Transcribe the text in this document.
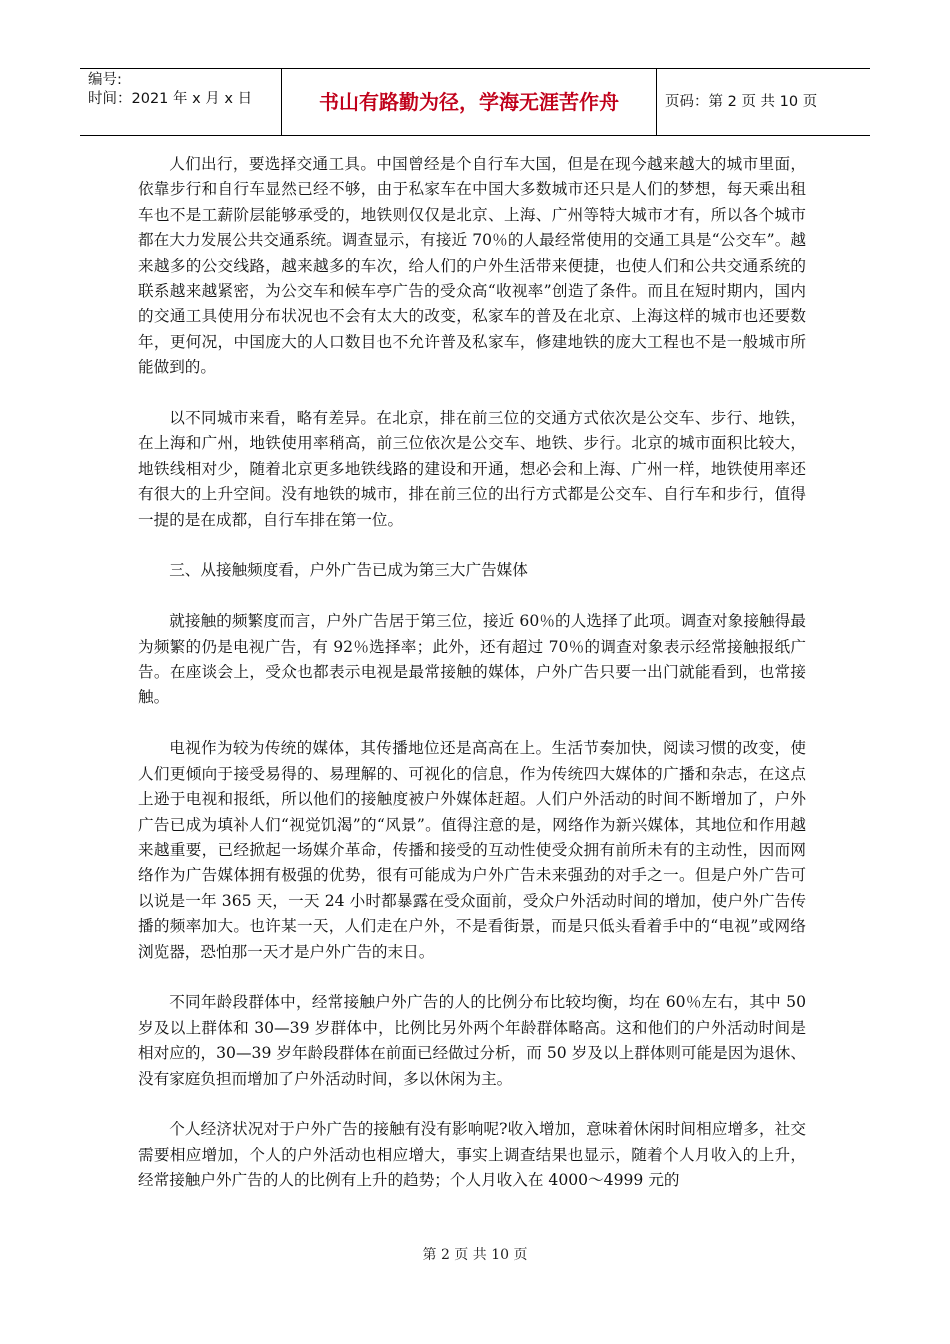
编号:
时间：2021 年 x 月 x 日	书山有路勤为径，学海无涯苦作舟	页码：第 2 页 共 10 页

人们出行，要选择交通工具。中国曾经是个自行车大国，但是在现今越来越大的城市里面，依靠步行和自行车显然已经不够，由于私家车在中国大多数城市还只是人们的梦想，每天乘出租车也不是工薪阶层能够承受的，地铁则仅仅是北京、上海、广州等特大城市才有，所以各个城市都在大力发展公共交通系统。调查显示，有接近 70％的人最经常使用的交通工具是“公交车”。越来越多的公交线路，越来越多的车次，给人们的户外生活带来便捷，也使人们和公共交通系统的联系越来越紧密，为公交车和候车亭广告的受众高“收视率”创造了条件。而且在短时期内，国内的交通工具使用分布状况也不会有太大的改变，私家车的普及在北京、上海这样的城市也还要数年，更何况，中国庞大的人口数目也不允许普及私家车，修建地铁的庞大工程也不是一般城市所能做到的。

以不同城市来看，略有差异。在北京，排在前三位的交通方式依次是公交车、步行、地铁，在上海和广州，地铁使用率稍高，前三位依次是公交车、地铁、步行。北京的城市面积比较大，地铁线相对少，随着北京更多地铁线路的建设和开通，想必会和上海、广州一样，地铁使用率还有很大的上升空间。没有地铁的城市，排在前三位的出行方式都是公交车、自行车和步行，值得一提的是在成都，自行车排在第一位。

三、从接触频度看，户外广告已成为第三大广告媒体

就接触的频繁度而言，户外广告居于第三位，接近 60％的人选择了此项。调查对象接触得最为频繁的仍是电视广告，有 92％选择率；此外，还有超过 70％的调查对象表示经常接触报纸广告。在座谈会上，受众也都表示电视是最常接触的媒体，户外广告只要一出门就能看到，也常接触。

电视作为较为传统的媒体，其传播地位还是高高在上。生活节奏加快，阅读习惯的改变，使人们更倾向于接受易得的、易理解的、可视化的信息，作为传统四大媒体的广播和杂志，在这点上逊于电视和报纸，所以他们的接触度被户外媒体赶超。人们户外活动的时间不断增加了，户外广告已成为填补人们“视觉饥渴”的“风景”。值得注意的是，网络作为新兴媒体，其地位和作用越来越重要，已经掀起一场媒介革命，传播和接受的互动性使受众拥有前所未有的主动性，因而网络作为广告媒体拥有极强的优势，很有可能成为户外广告未来强劲的对手之一。但是户外广告可以说是一年 365 天，一天 24 小时都暴露在受众面前，受众户外活动时间的增加，使户外广告传播的频率加大。也许某一天，人们走在户外，不是看街景，而是只低头看着手中的“电视”或网络浏览器，恐怕那一天才是户外广告的末日。

不同年龄段群体中，经常接触户外广告的人的比例分布比较均衡，均在 60％左右，其中 50 岁及以上群体和 30—39 岁群体中，比例比另外两个年龄群体略高。这和他们的户外活动时间是相对应的，30—39 岁年龄段群体在前面已经做过分析，而 50 岁及以上群体则可能是因为退休、没有家庭负担而增加了户外活动时间，多以休闲为主。

个人经济状况对于户外广告的接触有没有影响呢?收入增加，意味着休闲时间相应增多，社交需要相应增加，个人的户外活动也相应增大，事实上调查结果也显示，随着个人月收入的上升，经常接触户外广告的人的比例有上升的趋势；个人月收入在 4000～4999 元的

第 2 页 共 10 页
